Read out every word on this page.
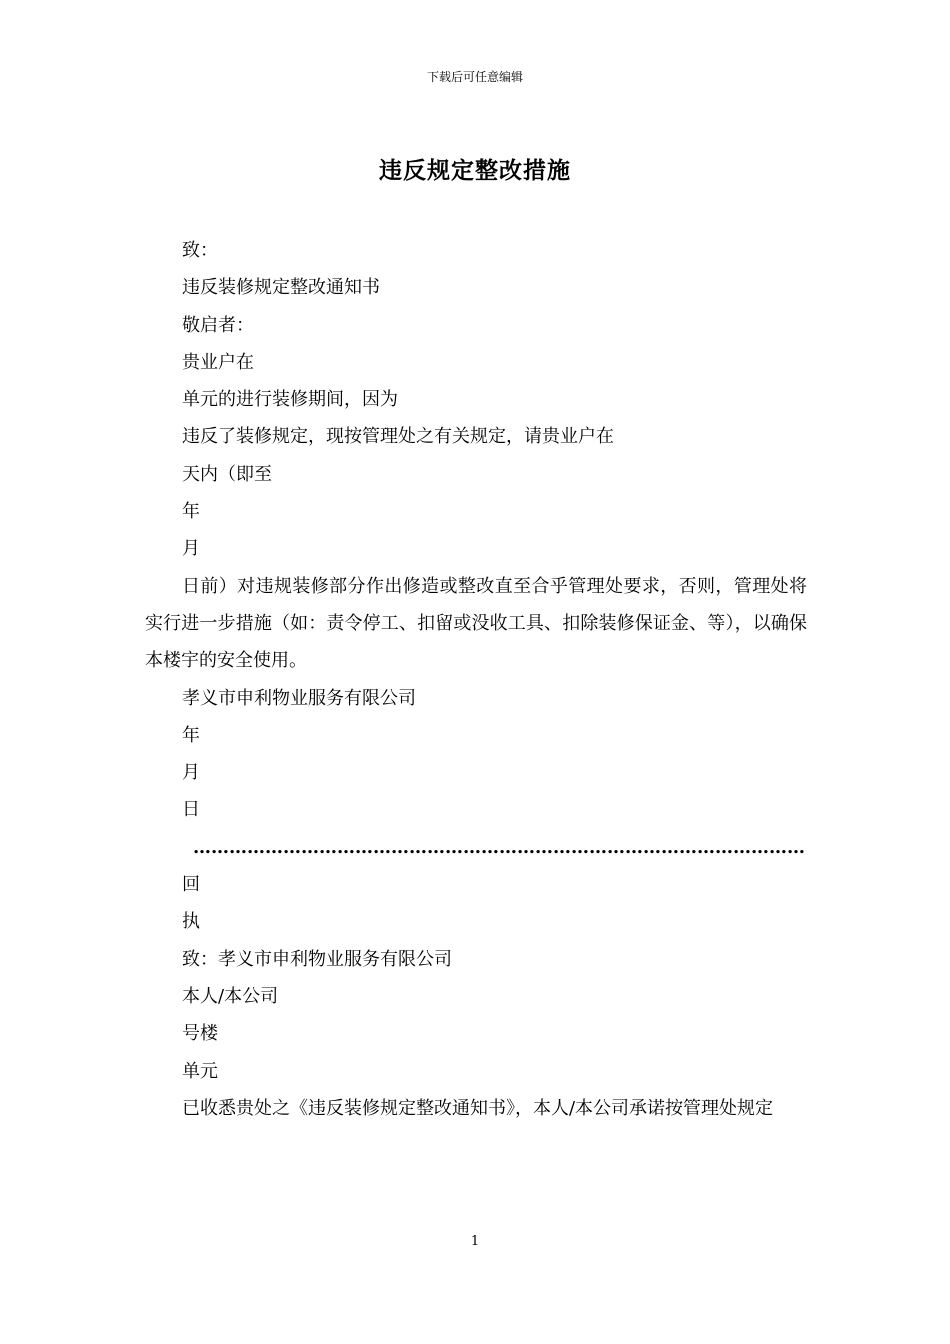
下载后可任意编辑
违反规定整改措施

致：

违反装修规定整改通知书

敬启者：

贵业户在

单元的进行装修期间，因为

违反了装修规定，现按管理处之有关规定，请贵业户在

天内（即至

年

月

日前）对违规装修部分作出修造或整改直至合乎管理处要求，否则，管理处将实行进一步措施（如：责令停工、扣留或没收工具、扣除装修保证金、等），以确保本楼宇的安全使用。

孝义市申利物业服务有限公司

年

月

日

…………………………………………………………………………………………

回

执

致：孝义市申利物业服务有限公司

本人/本公司

号楼

单元

已收悉贵处之《违反装修规定整改通知书》，本人/本公司承诺按管理处规定

1
